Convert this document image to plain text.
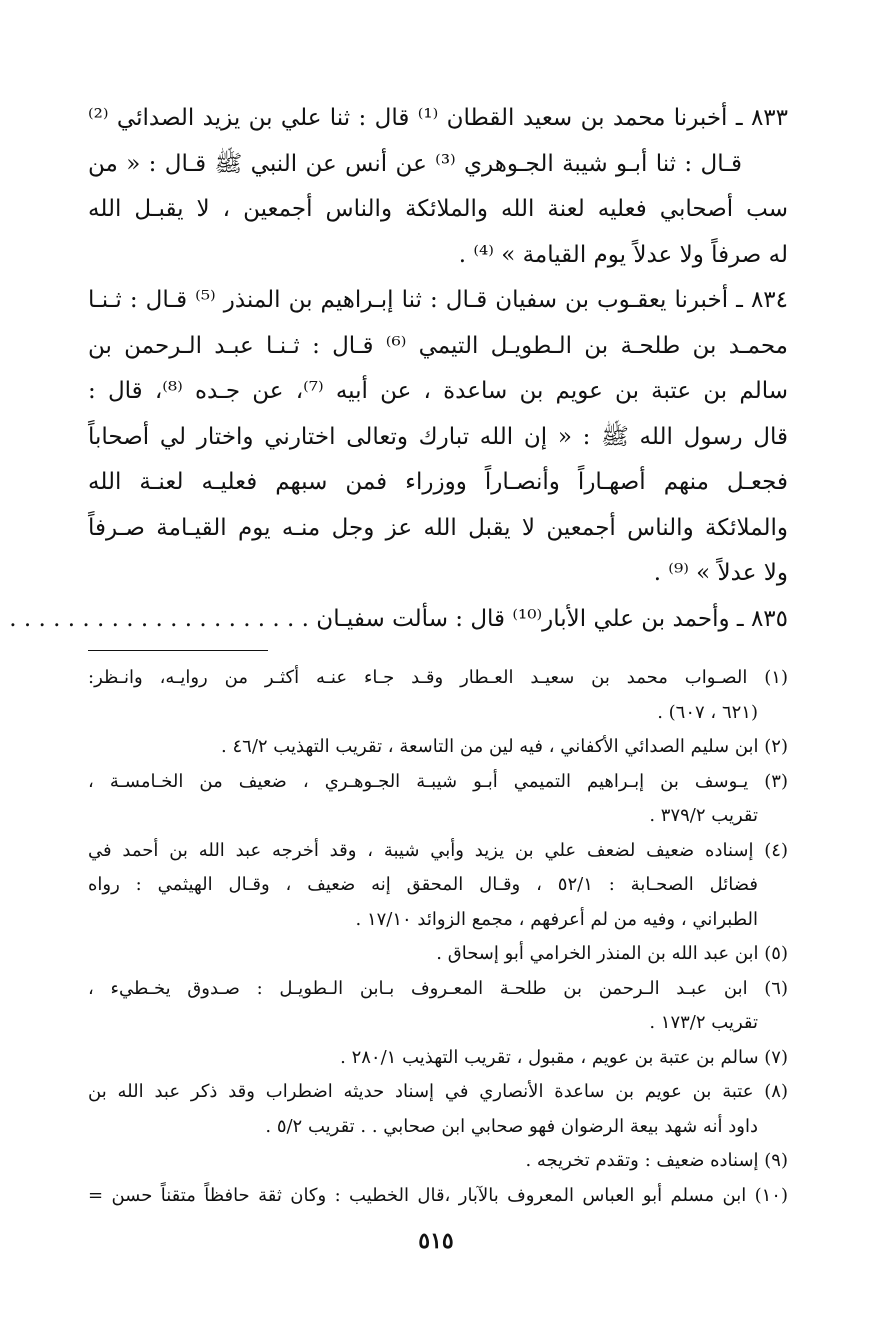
٨٣٣ ـ أخبرنا محمد بن سعيد القطان ⁽¹⁾ قال : ثنا علي بن يزيد الصدائي ⁽²⁾
قـال : ثنا أبـو شيبة الجـوهري ⁽³⁾ عن أنس عن النبي ﷺ قـال : « من
سب أصحابي فعليه لعنة الله والملائكة والناس أجمعين ، لا يقبـل الله
له صرفاً ولا عدلاً يوم القيامة » ⁽⁴⁾ .
٨٣٤ ـ أخبرنا يعقـوب بن سفيان قـال : ثنا إبـراهيم بن المنذر ⁽⁵⁾ قـال : ثـنـا
محمـد بن طلحـة بن الـطويـل التيمي ⁽⁶⁾ قـال : ثـنـا عبـد الـرحمن بن
سالم بن عتبة بن عويم بن ساعدة ، عن أبيه ⁽⁷⁾، عن جـده ⁽⁸⁾، قال :
قال رسول الله ﷺ : « إن الله تبارك وتعالى اختارني واختار لي أصحاباً
فجعـل منهم أصهـاراً وأنصـاراً ووزراء فمن سبهم فعليـه لعنـة الله
والملائكة والناس أجمعين لا يقبل الله عز وجل منـه يوم القيـامة صـرفاً
ولا عدلاً » ⁽⁹⁾ .
٨٣٥ ـ وأحمد بن علي الأبار⁽¹⁰⁾ قال : سألت سفيـان . . . . . . . . . . . . . . . . . . . . .
(١) الصـواب محمد بن سعيـد العـطار وقـد جـاء عنـه أكثـر من روايـه، وانـظر:
(٦٢١ ، ٦٠٧) .
(٢) ابن سليم الصدائي الأكفاني ، فيه لين من التاسعة ، تقريب التهذيب ٤٦/٢ .
(٣) يـوسف بن إبـراهيم التميمي أبـو شيبـة الجـوهـري ، ضعيف من الخـامسـة ،
تقريب ٣٧٩/٢ .
(٤) إسناده ضعيف لضعف علي بن يزيد وأبي شيبة ، وقد أخرجه عبد الله بن أحمد في
فضائل الصحـابة : ٥٢/١ ، وقـال المحقق إنه ضعيف ، وقـال الهيثمي : رواه
الطبراني ، وفيه من لم أعرفهم ، مجمع الزوائد ١٧/١٠ .
(٥) ابن عبد الله بن المنذر الخرامي أبو إسحاق .
(٦) ابن عبـد الـرحمن بن طلحـة المعـروف بـابن الـطويـل : صـدوق يخـطيء ،
تقريب ١٧٣/٢ .
(٧) سالم بن عتبة بن عويم ، مقبول ، تقريب التهذيب ٢٨٠/١ .
(٨) عتبة بن عويم بن ساعدة الأنصاري في إسناد حديثه اضطراب وقد ذكر عبد الله بن
داود أنه شهد بيعة الرضوان فهو صحابي ابن صحابي . . تقريب ٥/٢ .
(٩) إسناده ضعيف : وتقدم تخريجه .
(١٠) ابن مسلم أبو العباس المعروف بالآبار ،قال الخطيب : وكان ثقة حافظاً متقناً حسن =
٥١٥
